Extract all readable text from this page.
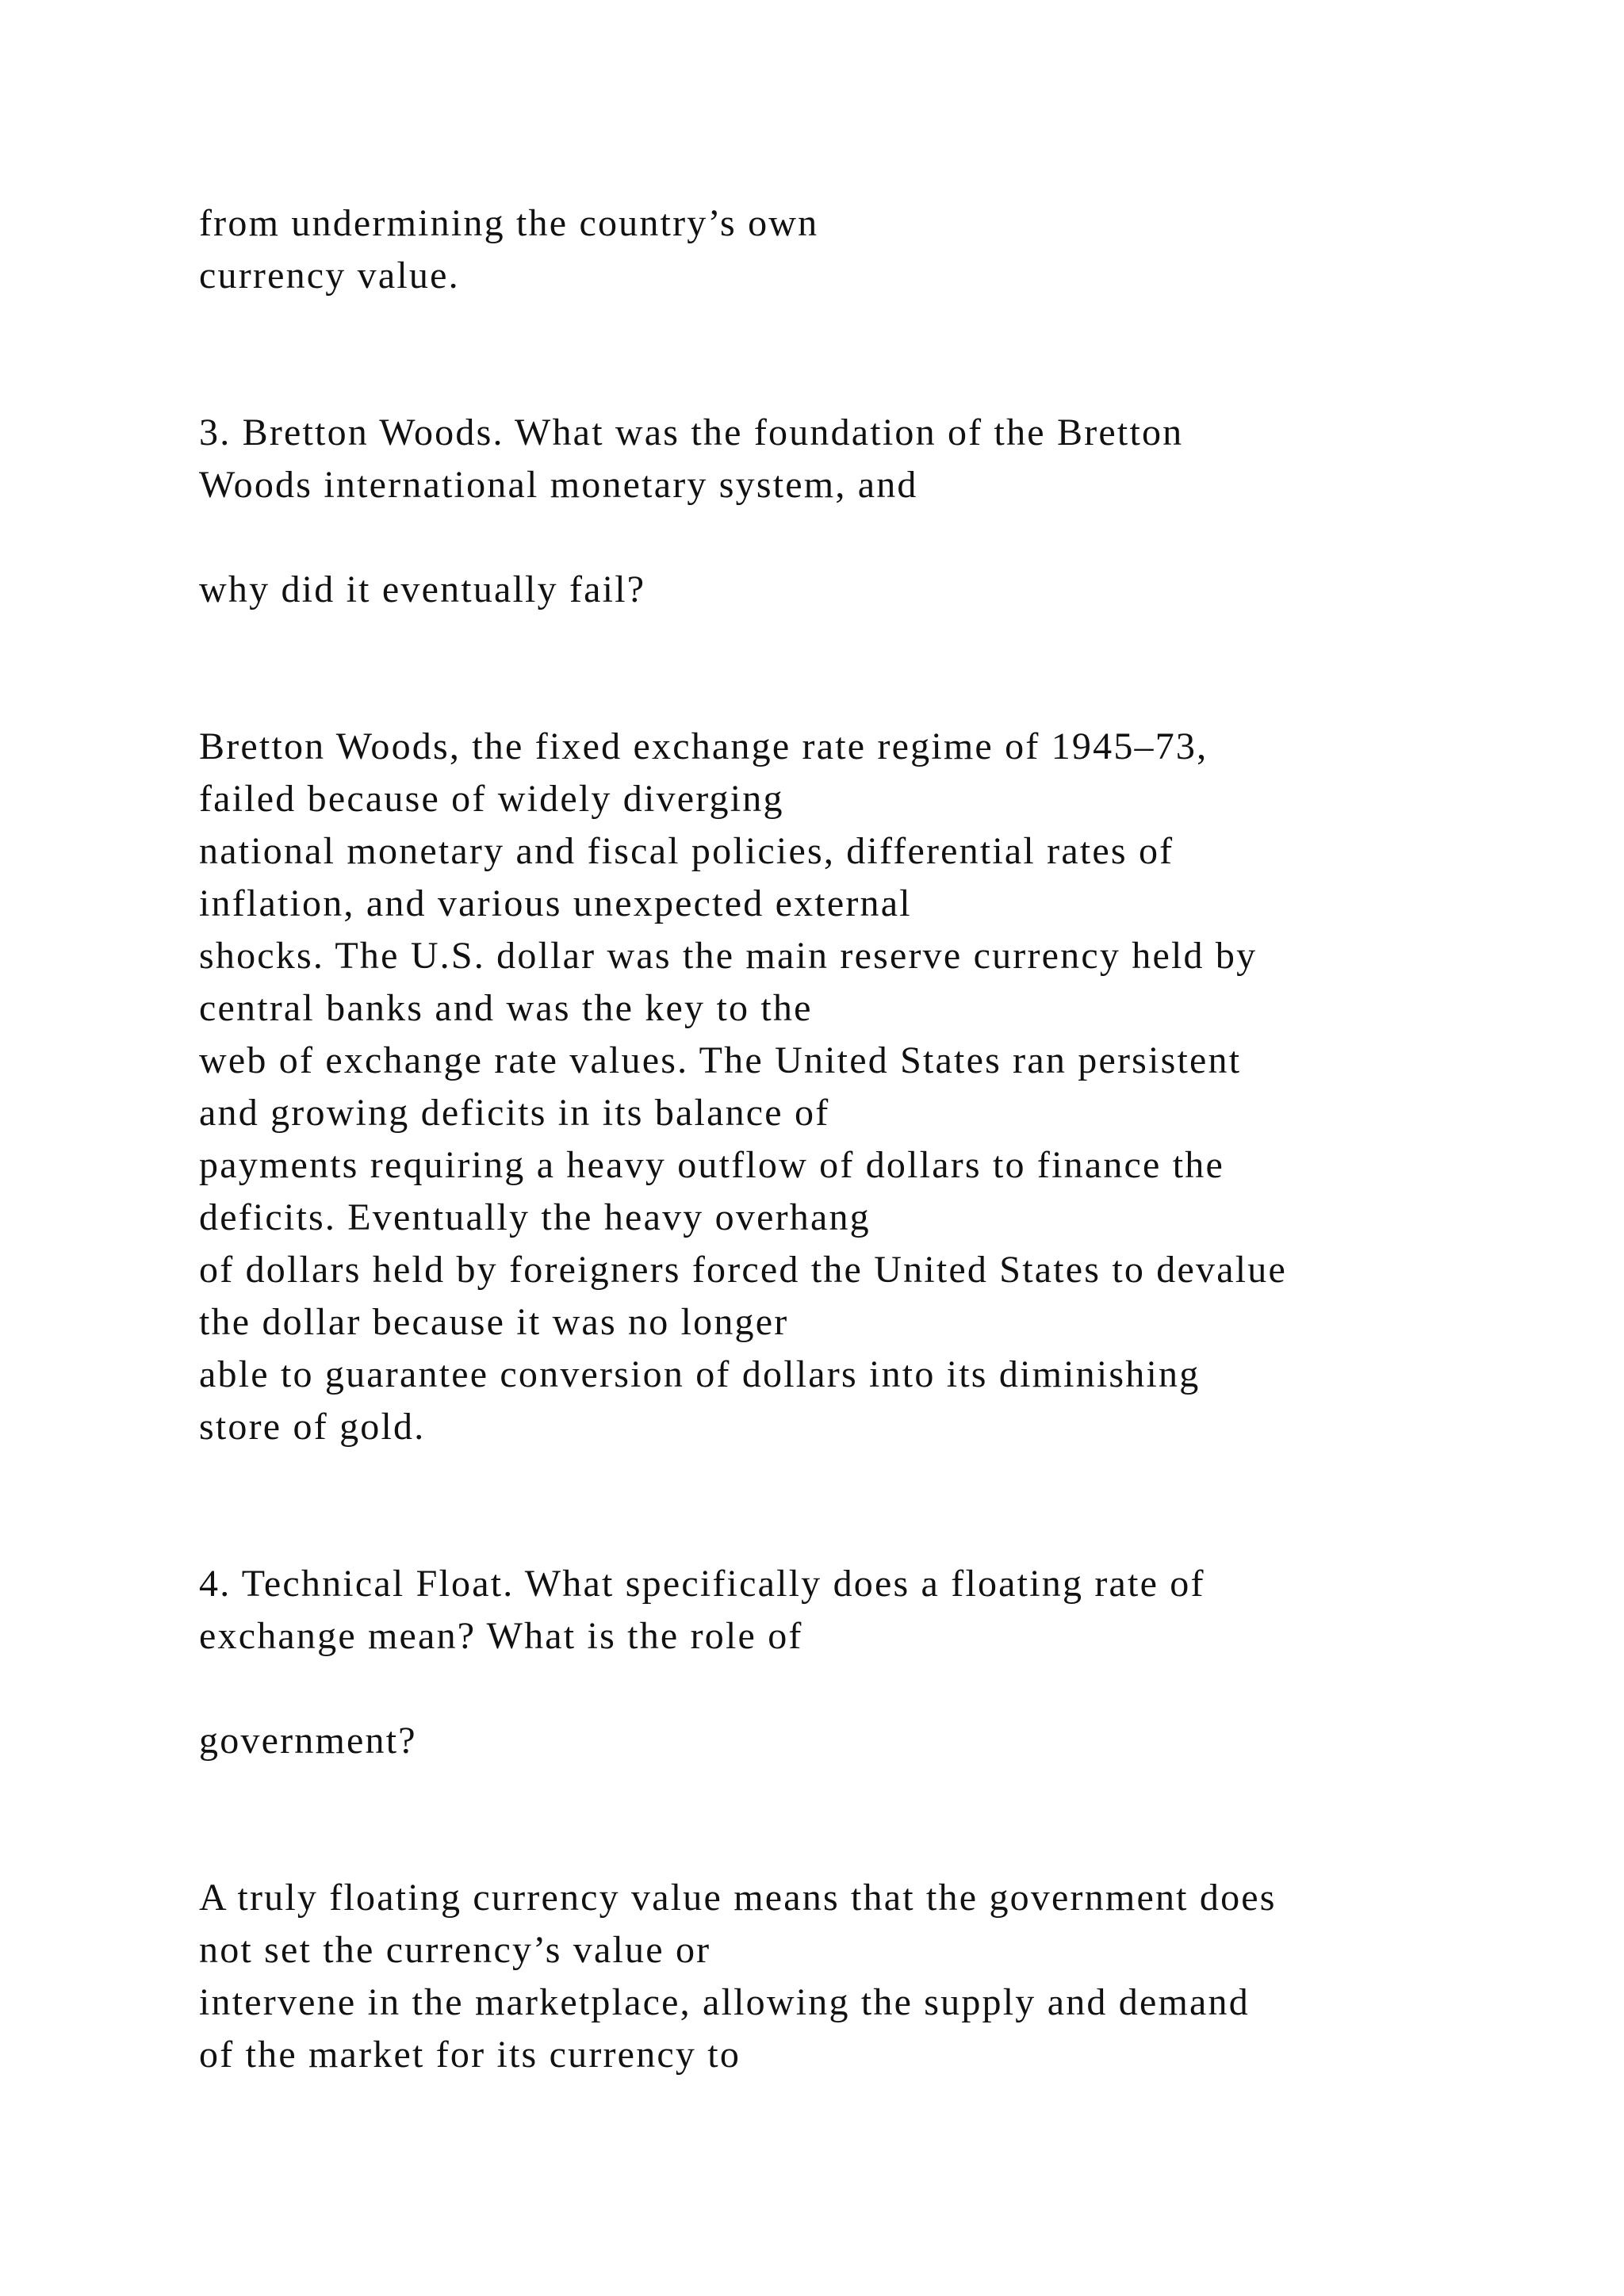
from undermining the country’s own
currency value.
3. Bretton Woods. What was the foundation of the Bretton
Woods international monetary system, and
why did it eventually fail?
Bretton Woods, the fixed exchange rate regime of 1945–73,
failed because of widely diverging
national monetary and fiscal policies, differential rates of
inflation, and various unexpected external
shocks. The U.S. dollar was the main reserve currency held by
central banks and was the key to the
web of exchange rate values. The United States ran persistent
and growing deficits in its balance of
payments requiring a heavy outflow of dollars to finance the
deficits. Eventually the heavy overhang
of dollars held by foreigners forced the United States to devalue
the dollar because it was no longer
able to guarantee conversion of dollars into its diminishing
store of gold.
4. Technical Float. What specifically does a floating rate of
exchange mean? What is the role of
government?
A truly floating currency value means that the government does
not set the currency’s value or
intervene in the marketplace, allowing the supply and demand
of the market for its currency to
